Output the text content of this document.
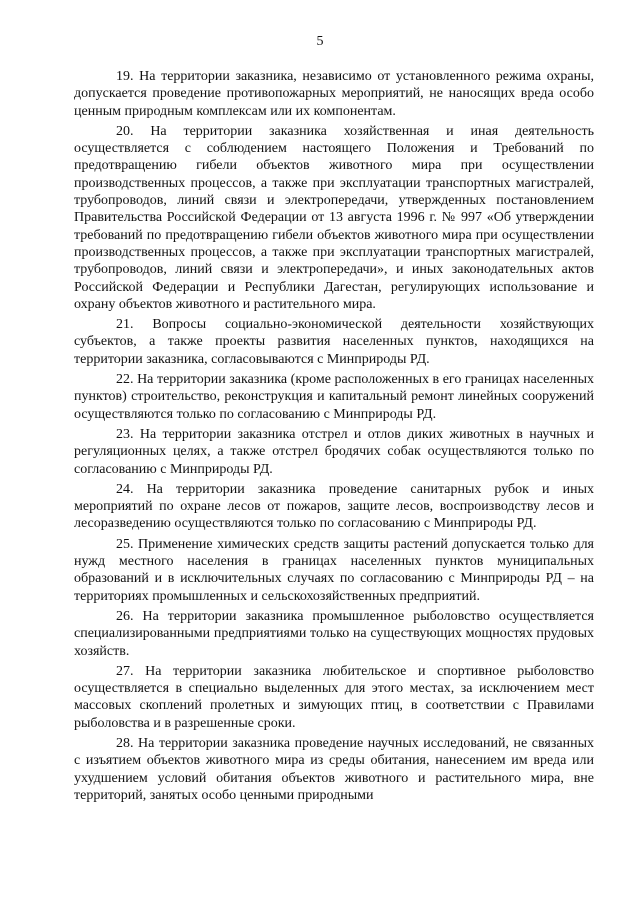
5

19. На территории заказника, независимо от установленного режима охраны, допускается проведение противопожарных мероприятий, не наносящих вреда особо ценным природным комплексам или их компонентам.

20. На территории заказника хозяйственная и иная деятельность осуществляется с соблюдением настоящего Положения и Требований по предотвращению гибели объектов животного мира при осуществлении производственных процессов, а также при эксплуатации транспортных магистралей, трубопроводов, линий связи и электропередачи, утвержденных постановлением Правительства Российской Федерации от 13 августа 1996 г. № 997 «Об утверждении требований по предотвращению гибели объектов животного мира при осуществлении производственных процессов, а также при эксплуатации транспортных магистралей, трубопроводов, линий связи и электропередачи», и иных законодательных актов Российской Федерации и Республики Дагестан, регулирующих использование и охрану объектов животного и растительного мира.

21. Вопросы социально-экономической деятельности хозяйствующих субъектов, а также проекты развития населенных пунктов, находящихся на территории заказника, согласовываются с Минприроды РД.

22. На территории заказника (кроме расположенных в его границах населенных пунктов) строительство, реконструкция и капитальный ремонт линейных сооружений осуществляются только по согласованию с Минприроды РД.

23. На территории заказника отстрел и отлов диких животных в научных и регуляционных целях, а также отстрел бродячих собак осуществляются только по согласованию с Минприроды РД.

24. На территории заказника проведение санитарных рубок и иных мероприятий по охране лесов от пожаров, защите лесов, воспроизводству лесов и лесоразведению осуществляются только по согласованию с Минприроды РД.

25. Применение химических средств защиты растений допускается только для нужд местного населения в границах населенных пунктов муниципальных образований и в исключительных случаях по согласованию с Минприроды РД – на территориях промышленных и сельскохозяйственных предприятий.

26. На территории заказника промышленное рыболовство осуществляется специализированными предприятиями только на существующих мощностях прудовых хозяйств.

27. На территории заказника любительское и спортивное рыболовство осуществляется в специально выделенных для этого местах, за исключением мест массовых скоплений пролетных и зимующих птиц, в соответствии с Правилами рыболовства и в разрешенные сроки.

28. На территории заказника проведение научных исследований, не связанных с изъятием объектов животного мира из среды обитания, нанесением им вреда или ухудшением условий обитания объектов животного и растительного мира, вне территорий, занятых особо ценными природными
